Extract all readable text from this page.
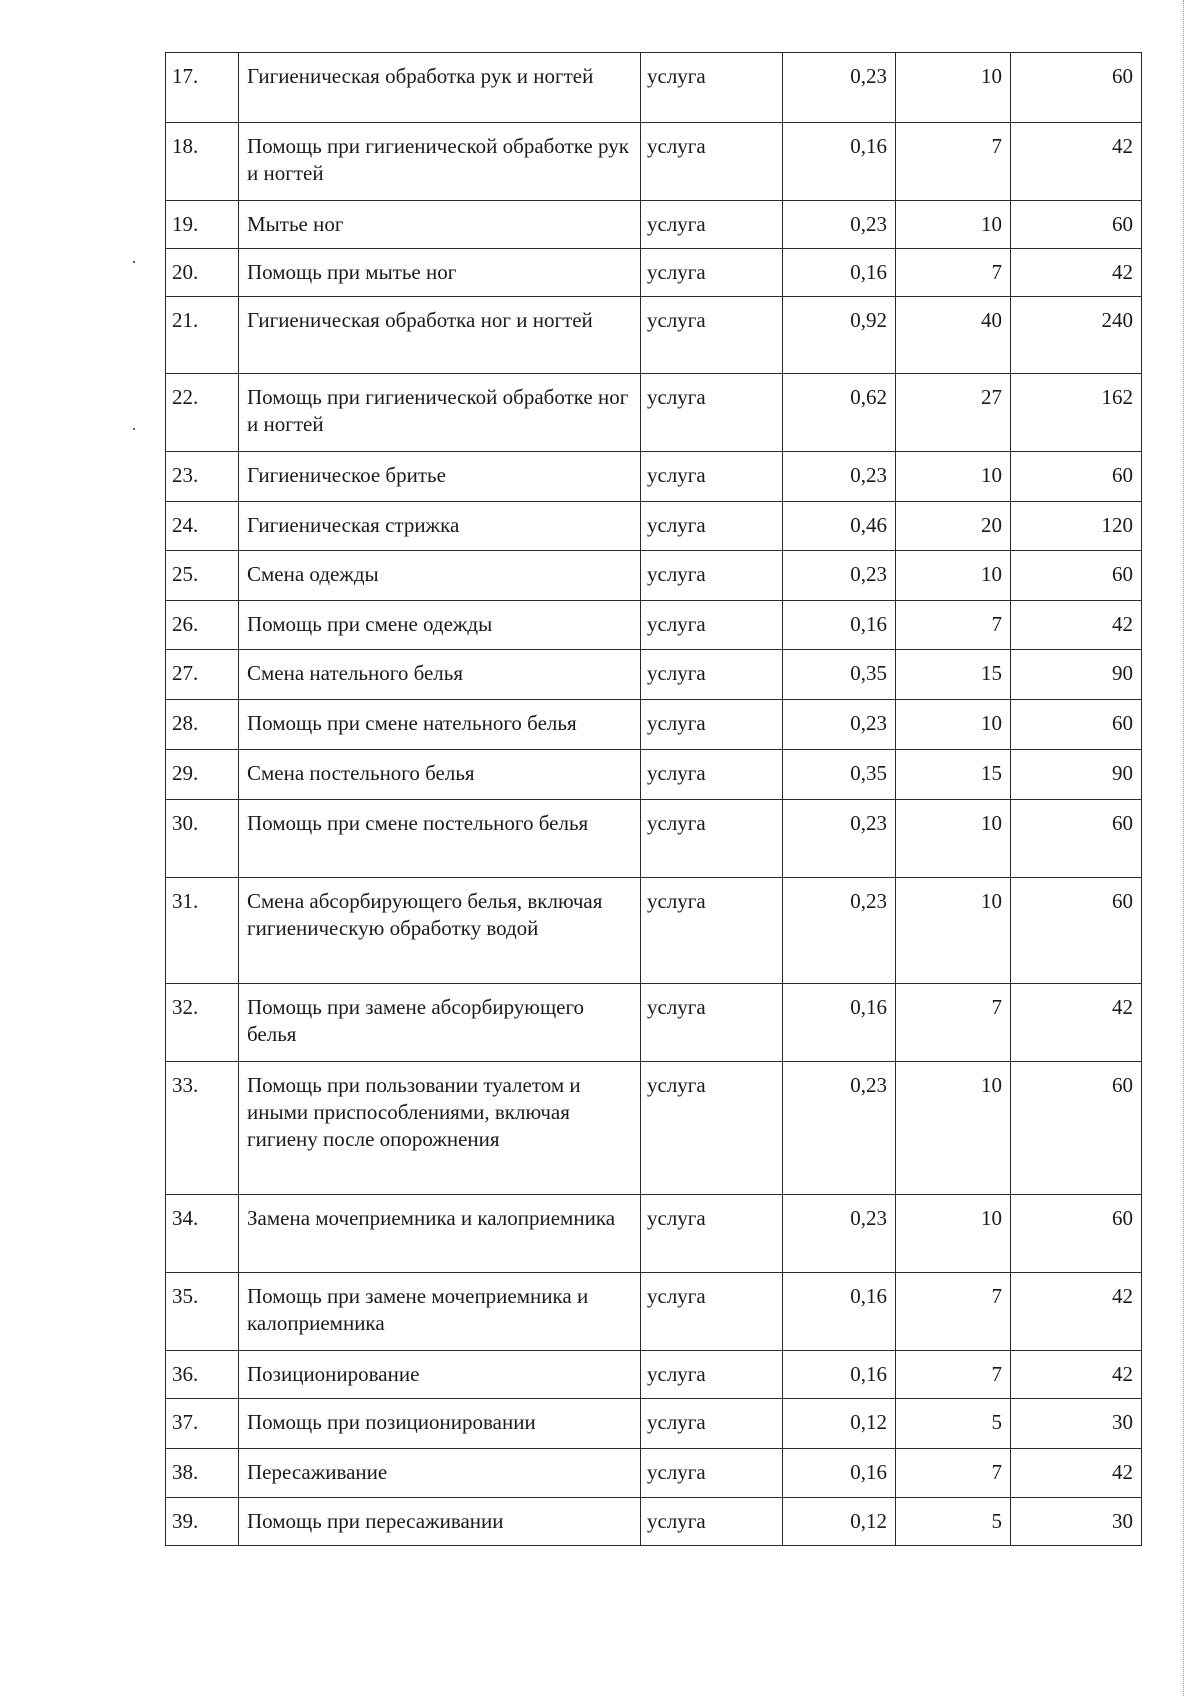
17.	Гигиеническая обработка рук и ногтей	услуга	0,23	10	60
18.	Помощь при гигиенической обработке рук и ногтей	услуга	0,16	7	42
19.	Мытье ног	услуга	0,23	10	60
20.	Помощь при мытье ног	услуга	0,16	7	42
21.	Гигиеническая обработка ног и ногтей	услуга	0,92	40	240
22.	Помощь при гигиенической обработке ног и ногтей	услуга	0,62	27	162
23.	Гигиеническое бритье	услуга	0,23	10	60
24.	Гигиеническая стрижка	услуга	0,46	20	120
25.	Смена одежды	услуга	0,23	10	60
26.	Помощь при смене одежды	услуга	0,16	7	42
27.	Смена нательного белья	услуга	0,35	15	90
28.	Помощь при смене нательного белья	услуга	0,23	10	60
29.	Смена постельного белья	услуга	0,35	15	90
30.	Помощь при смене постельного белья	услуга	0,23	10	60
31.	Смена абсорбирующего белья, включая гигиеническую обработку водой	услуга	0,23	10	60
32.	Помощь при замене абсорбирующего белья	услуга	0,16	7	42
33.	Помощь при пользовании туалетом и иными приспособлениями, включая гигиену после опорожнения	услуга	0,23	10	60
34.	Замена мочеприемника и калоприемника	услуга	0,23	10	60
35.	Помощь при замене мочеприемника и калоприемника	услуга	0,16	7	42
36.	Позиционирование	услуга	0,16	7	42
37.	Помощь при позиционировании	услуга	0,12	5	30
38.	Пересаживание	услуга	0,16	7	42
39.	Помощь при пересаживании	услуга	0,12	5	30
